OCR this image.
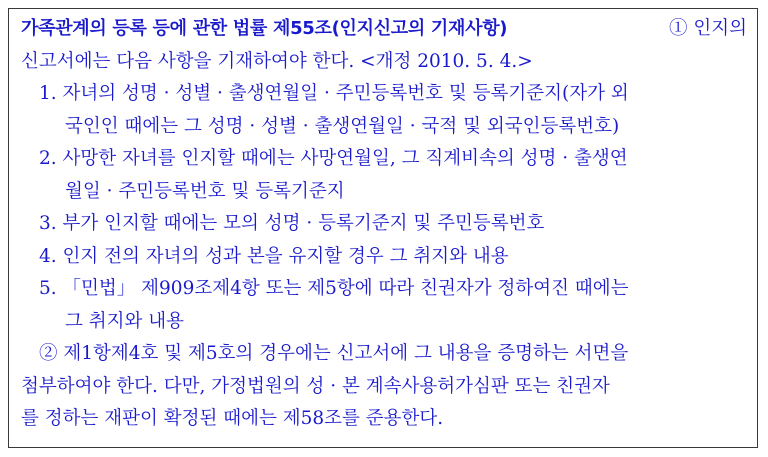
가족관계의 등록 등에 관한 법률 제55조(인지신고의 기재사항)	① 인지의
신고서에는 다음 사항을 기재하여야 한다. <개정 2010. 5. 4.>
1. 자녀의 성명 · 성별 · 출생연월일 · 주민등록번호 및 등록기준지(자가 외
국인인 때에는 그 성명 · 성별 · 출생연월일 · 국적 및 외국인등록번호)
2. 사망한 자녀를 인지할 때에는 사망연월일, 그 직계비속의 성명 · 출생연
월일 · 주민등록번호 및 등록기준지
3. 부가 인지할 때에는 모의 성명 · 등록기준지 및 주민등록번호
4. 인지 전의 자녀의 성과 본을 유지할 경우 그 취지와 내용
5. 「민법」 제909조제4항 또는 제5항에 따라 친권자가 정하여진 때에는
그 취지와 내용
② 제1항제4호 및 제5호의 경우에는 신고서에 그 내용을 증명하는 서면을
첨부하여야 한다. 다만, 가정법원의 성 · 본 계속사용허가심판 또는 친권자
를 정하는 재판이 확정된 때에는 제58조를 준용한다.
